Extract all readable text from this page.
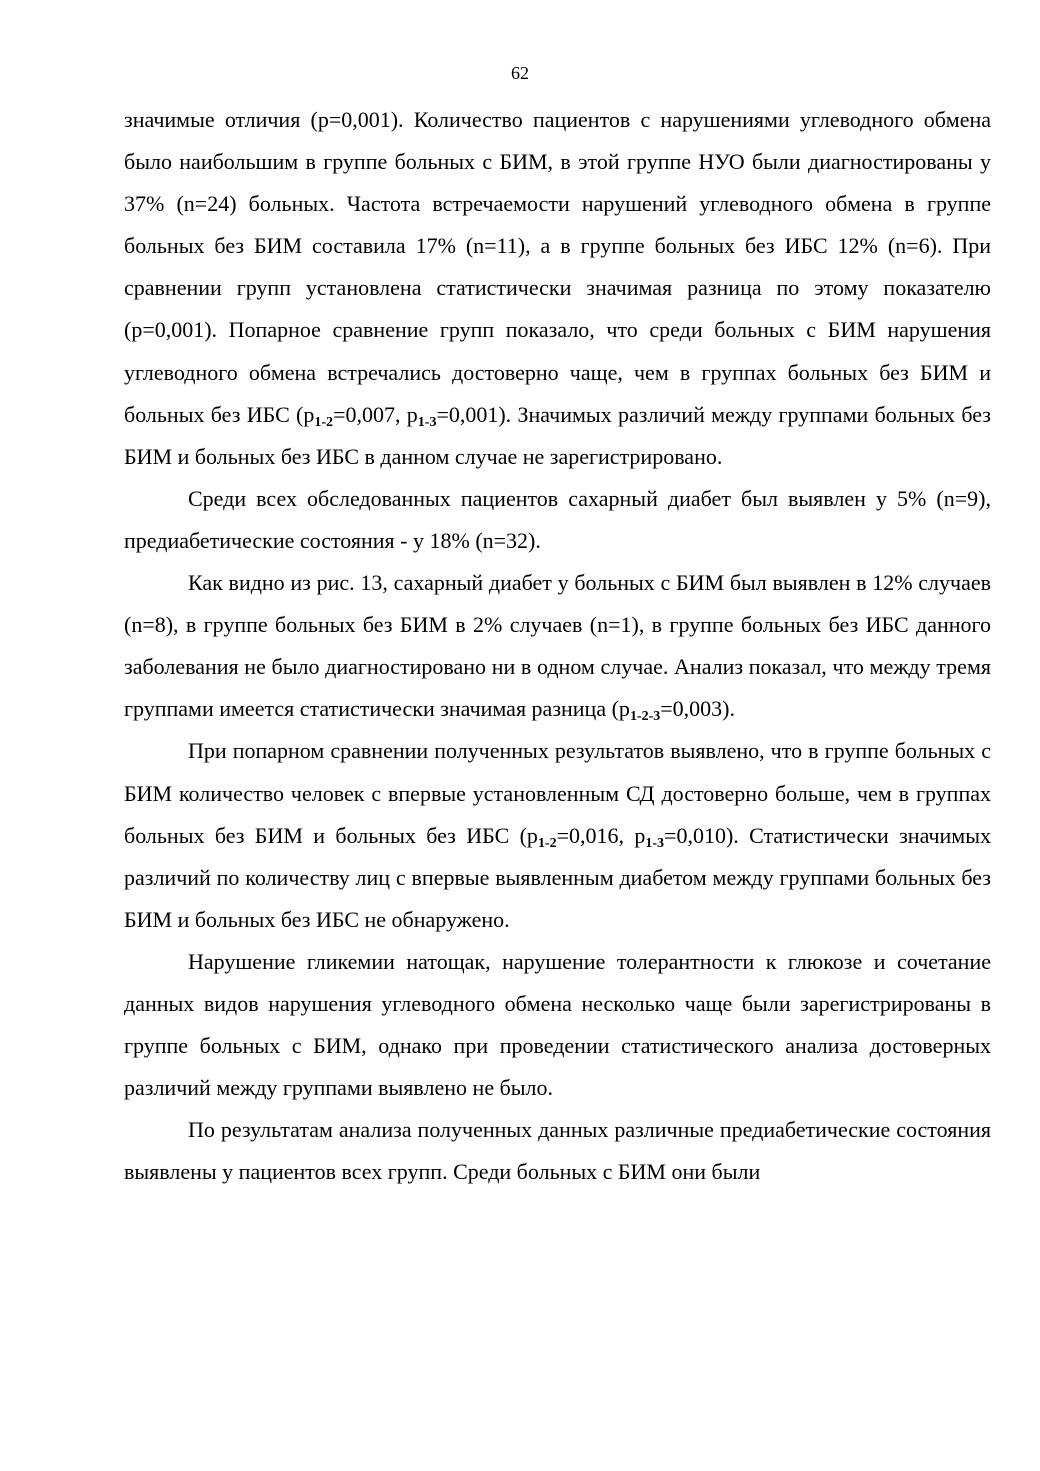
62

значимые отличия (р=0,001). Количество пациентов с нарушениями углеводного обмена было наибольшим в группе больных с БИМ, в этой группе НУО были диагностированы у 37% (n=24) больных. Частота встречаемости нарушений углеводного обмена в группе больных без БИМ составила 17% (n=11), а в группе больных без ИБС 12% (n=6). При сравнении групп установлена статистически значимая разница по этому показателю (р=0,001). Попарное сравнение групп показало, что среди больных с БИМ нарушения углеводного обмена встречались достоверно чаще, чем в группах больных без БИМ и больных без ИБС ($р_{1-2}=0,007$, $р_{1-3}=0,001$). Значимых различий между группами больных без БИМ и больных без ИБС в данном случае не зарегистрировано.

Среди всех обследованных пациентов сахарный диабет был выявлен у 5% (n=9), предиабетические состояния - у 18% (n=32).

Как видно из рис. 13, сахарный диабет у больных с БИМ был выявлен в 12% случаев (n=8), в группе больных без БИМ в 2% случаев (n=1), в группе больных без ИБС данного заболевания не было диагностировано ни в одном случае. Анализ показал, что между тремя группами имеется статистически значимая разница $(р_{1-2-3}=0,003)$.

При попарном сравнении полученных результатов выявлено, что в группе больных с БИМ количество человек с впервые установленным СД достоверно больше, чем в группах больных без БИМ и больных без ИБС ($р_{1-2}=0,016$, $р_{1-3}=0,010$). Статистически значимых различий по количеству лиц с впервые выявленным диабетом между группами больных без БИМ и больных без ИБС не обнаружено.

Нарушение гликемии натощак, нарушение толерантности к глюкозе и сочетание данных видов нарушения углеводного обмена несколько чаще были зарегистрированы в группе больных с БИМ, однако при проведении статистического анализа достоверных различий между группами выявлено не было.

По результатам анализа полученных данных различные предиабетические состояния выявлены у пациентов всех групп. Среди больных с БИМ они были
